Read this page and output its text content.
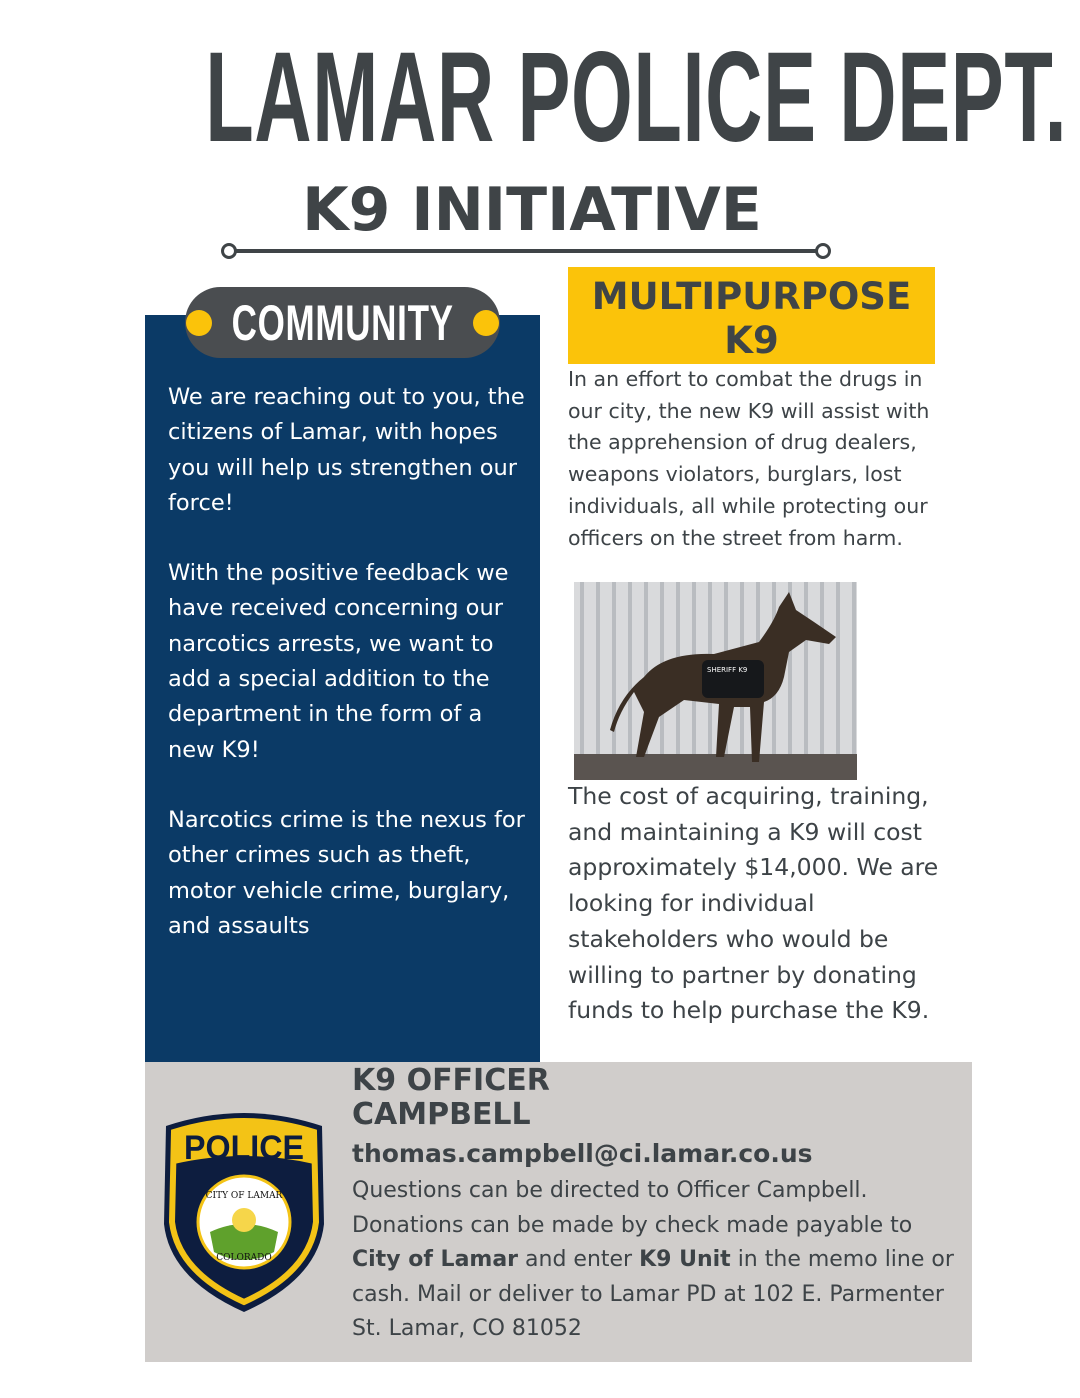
LAMAR POLICE DEPT.
K9 INITIATIVE
COMMUNITY

We are reaching out to you, the citizens of Lamar, with hopes you will help us strengthen our force!

With the positive feedback we have received concerning our narcotics arrests, we want to add a special addition to the department in the form of a new K9!

Narcotics crime is the nexus for other crimes such as theft, motor vehicle crime, burglary, and assaults

MULTIPURPOSE
K9
In an effort to combat the drugs in our city, the new K9 will assist with the apprehension of drug dealers, weapons violators, burglars, lost individuals, all while protecting our officers on the street from harm.
SHERIFF K9
The cost of acquiring, training, and maintaining a K9 will cost approximately $14,000. We are looking for individual stakeholders who would be willing to partner by donating funds to help purchase the K9.
POLICE
CITY OF LAMAR
COLORADO
K9 OFFICER
CAMPBELL
thomas.campbell@ci.lamar.co.us
Questions can be directed to Officer Campbell. Donations can be made by check made payable to City of Lamar and enter K9 Unit in the memo line or cash. Mail or deliver to Lamar PD at 102 E. Parmenter St. Lamar, CO 81052
